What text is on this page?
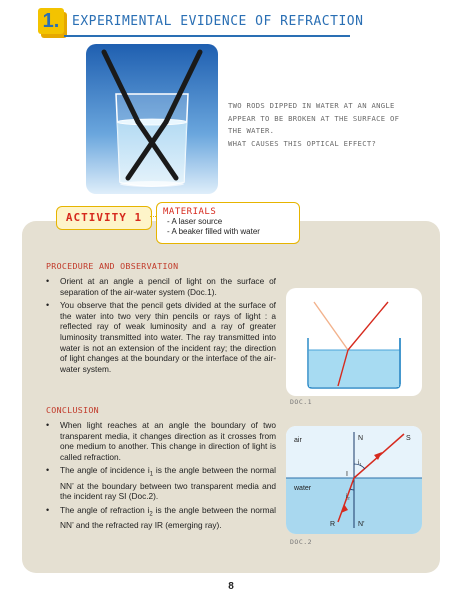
1. EXPERIMENTAL EVIDENCE OF REFRACTION
TWO RODS DIPPED IN WATER AT AN ANGLE
APPEAR TO BE BROKEN AT THE SURFACE OF
THE WATER.
WHAT CAUSES THIS OPTICAL EFFECT?
ACTIVITY 1	MATERIALS
- A laser source
- A beaker filled with water
PROCEDURE AND OBSERVATION
• Orient at an angle a pencil of light on the surface of separation of the air-water system (Doc.1).
• You observe that the pencil gets divided at the surface of the water into two very thin pencils or rays of light : a reflected ray of weak luminosity and a ray of greater luminosity transmitted into water. The ray transmitted into water is not an extension of the incident ray; the direction of light changes at the boundary or the interface of the air-water system.
CONCLUSION
• When light reaches at an angle the boundary of two transparent media, it changes direction as it crosses from one medium to another. This change in direction of light is called refraction.
• The angle of incidence $i_1$ is the angle between the normal NN’ at the boundary between two transparent media and the incident ray SI (Doc.2).
• The angle of refraction $i_2$ is the angle between the normal NN’ and the refracted ray IR (emerging ray).
DOC.1
air
water
N	S
I
R	N’
$i_1$
$i_2$
DOC.2
8
